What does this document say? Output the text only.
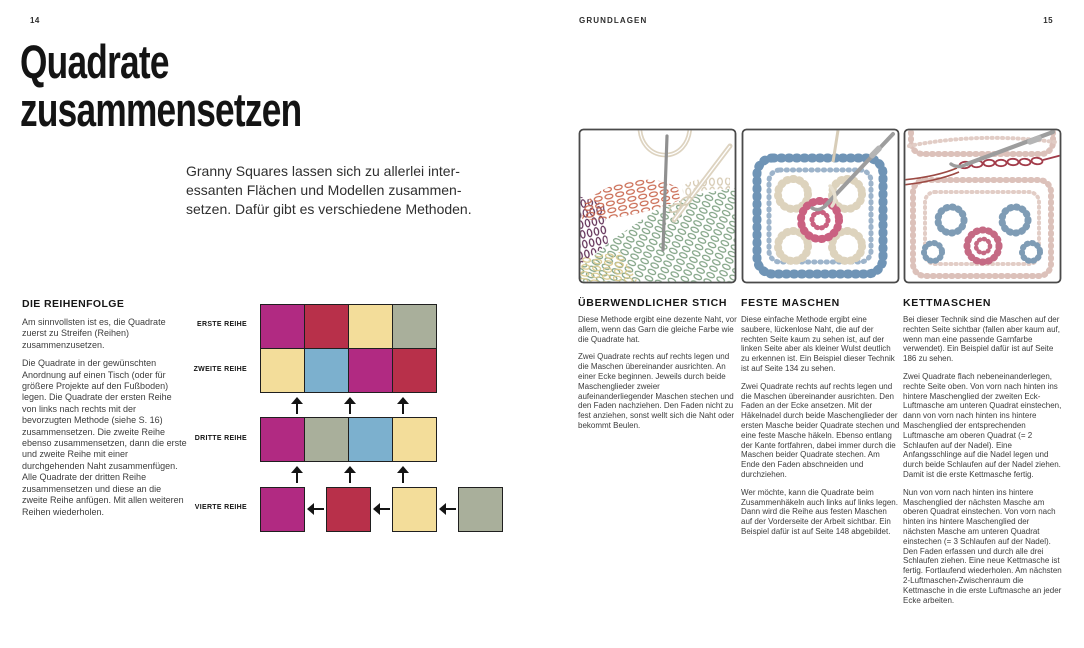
14	GRUNDLAGEN	15
Quadrate
zusammensetzen
Granny Squares lassen sich zu allerlei inter-
essanten Flächen und Modellen zusammen-
setzen. Dafür gibt es verschiedene Methoden.
DIE REIHENFOLGE

Am sinnvollsten ist es, die Quadrate zuerst zu Streifen (Reihen) zusammenzusetzen.

Die Quadrate in der gewünschten Anordnung auf einen Tisch (oder für größere Projekte auf den Fußboden) legen. Die Quadrate der ersten Reihe von links nach rechts mit der bevorzugten Methode (siehe S. 16) zusammensetzen. Die zweite Reihe ebenso zusammensetzen, dann die erste und zweite Reihe mit einer durchgehenden Naht zusammenfügen. Alle Quadrate der dritten Reihe zusammensetzen und diese an die zweite Reihe anfügen. Mit allen weiteren Reihen wiederholen.

ERSTE REIHE
ZWEITE REIHE
DRITTE REIHE
VIERTE REIHE
ÜBERWENDLICHER STICH

Diese Methode ergibt eine dezente Naht, vor allem, wenn das Garn die gleiche Farbe wie die Quadrate hat.

Zwei Quadrate rechts auf rechts legen und die Maschen übereinander ausrichten. An einer Ecke beginnen. Jeweils durch beide Maschenglieder zweier aufeinanderliegender Maschen stechen und den Faden nachziehen. Den Faden nicht zu fest anziehen, sonst wellt sich die Naht oder bekommt Beulen.

FESTE MASCHEN

Diese einfache Methode ergibt eine saubere, lückenlose Naht, die auf der rechten Seite kaum zu sehen ist, auf der linken Seite aber als kleiner Wulst deutlich zu erkennen ist. Ein Beispiel dieser Technik ist auf Seite 134 zu sehen.

Zwei Quadrate rechts auf rechts legen und die Maschen übereinander ausrichten. Den Faden an der Ecke ansetzen. Mit der Häkelnadel durch beide Maschenglieder der ersten Masche beider Quadrate stechen und eine feste Masche häkeln. Ebenso entlang der Kante fortfahren, dabei immer durch die Maschen beider Quadrate stechen. Am Ende den Faden abschneiden und durchziehen.

Wer möchte, kann die Quadrate beim Zusammenhäkeln auch links auf links legen. Dann wird die Reihe aus festen Maschen auf der Vorderseite der Arbeit sichtbar. Ein Beispiel dafür ist auf Seite 148 abgebildet.

KETTMASCHEN

Bei dieser Technik sind die Maschen auf der rechten Seite sichtbar (fallen aber kaum auf, wenn man eine passende Garnfarbe verwendet). Ein Beispiel dafür ist auf Seite 186 zu sehen.

Zwei Quadrate flach nebeneinanderlegen, rechte Seite oben. Von vorn nach hinten ins hintere Maschenglied der zweiten Eck-Luftmasche am unteren Quadrat einstechen, dann von vorn nach hinten ins hintere Maschenglied der entsprechenden Luftmasche am oberen Quadrat (= 2 Schlaufen auf der Nadel). Eine Anfangsschlinge auf die Nadel legen und durch beide Schlaufen auf der Nadel ziehen. Damit ist die erste Kettmasche fertig.

Nun von vorn nach hinten ins hintere Maschenglied der nächsten Masche am oberen Quadrat einstechen. Von vorn nach hinten ins hintere Maschenglied der nächsten Masche am unteren Quadrat einstechen (= 3 Schlaufen auf der Nadel). Den Faden erfassen und durch alle drei Schlaufen ziehen. Eine neue Kettmasche ist fertig. Fortlaufend wiederholen. Am nächsten 2-Luftmaschen-Zwischenraum die Kettmasche in die erste Luftmasche an jeder Ecke arbeiten.
